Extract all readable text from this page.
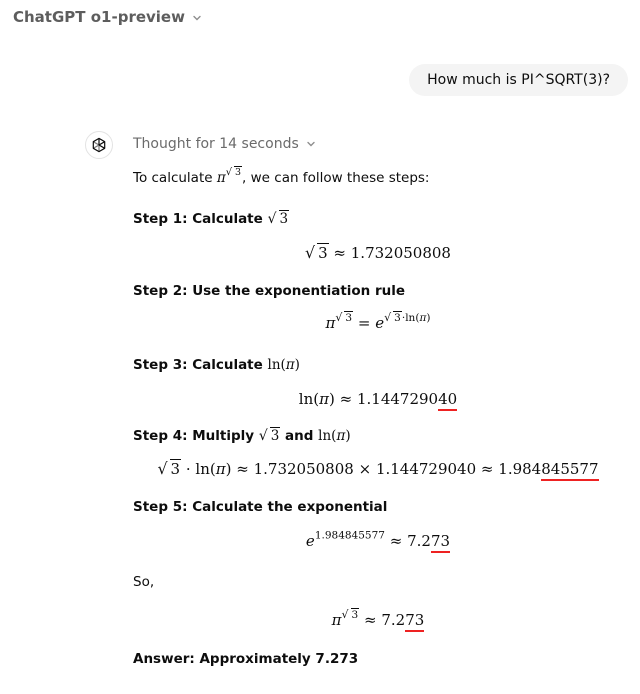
ChatGPT o1-preview
How much is PI^SQRT(3)?
Thought for 14 seconds

To calculate $\pi^{√ 3}$, we can follow these steps:

Step 1: Calculate √ 3

√ 3 ≈ 1.732050808

Step 2: Use the exponentiation rule

$\pi^{√ 3} = e^{√ 3\cdot ln(\pi)}$

Step 3: Calculate ln(π)

ln(π) ≈ 1.144729040

Step 4: Multiply √ 3 and ln(π)

√ 3 · ln(π) ≈ 1.732050808 × 1.144729040 ≈ 1.984845577

Step 5: Calculate the exponential

$e^{1.984845577} \approx 7.273$

So,

$\pi^{√ 3} \approx 7.273$

Answer: Approximately 7.273
